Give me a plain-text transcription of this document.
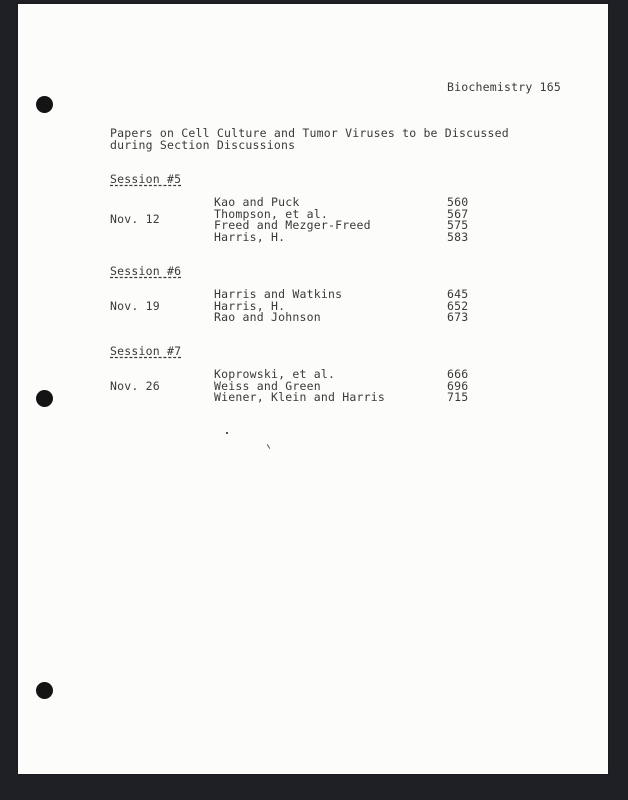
Biochemistry 165
Papers on Cell Culture and Tumor Viruses to be Discussed
during Section Discussions
Session #5
Nov. 12
Kao and Puck	560
Thompson, et al.	567
Freed and Mezger-Freed	575
Harris, H.	583
Session #6
Nov. 19
Harris and Watkins	645
Harris, H.	652
Rao and Johnson	673
Session #7
Nov. 26
Koprowski, et al.	666
Weiss and Green	696
Wiener, Klein and Harris	715
